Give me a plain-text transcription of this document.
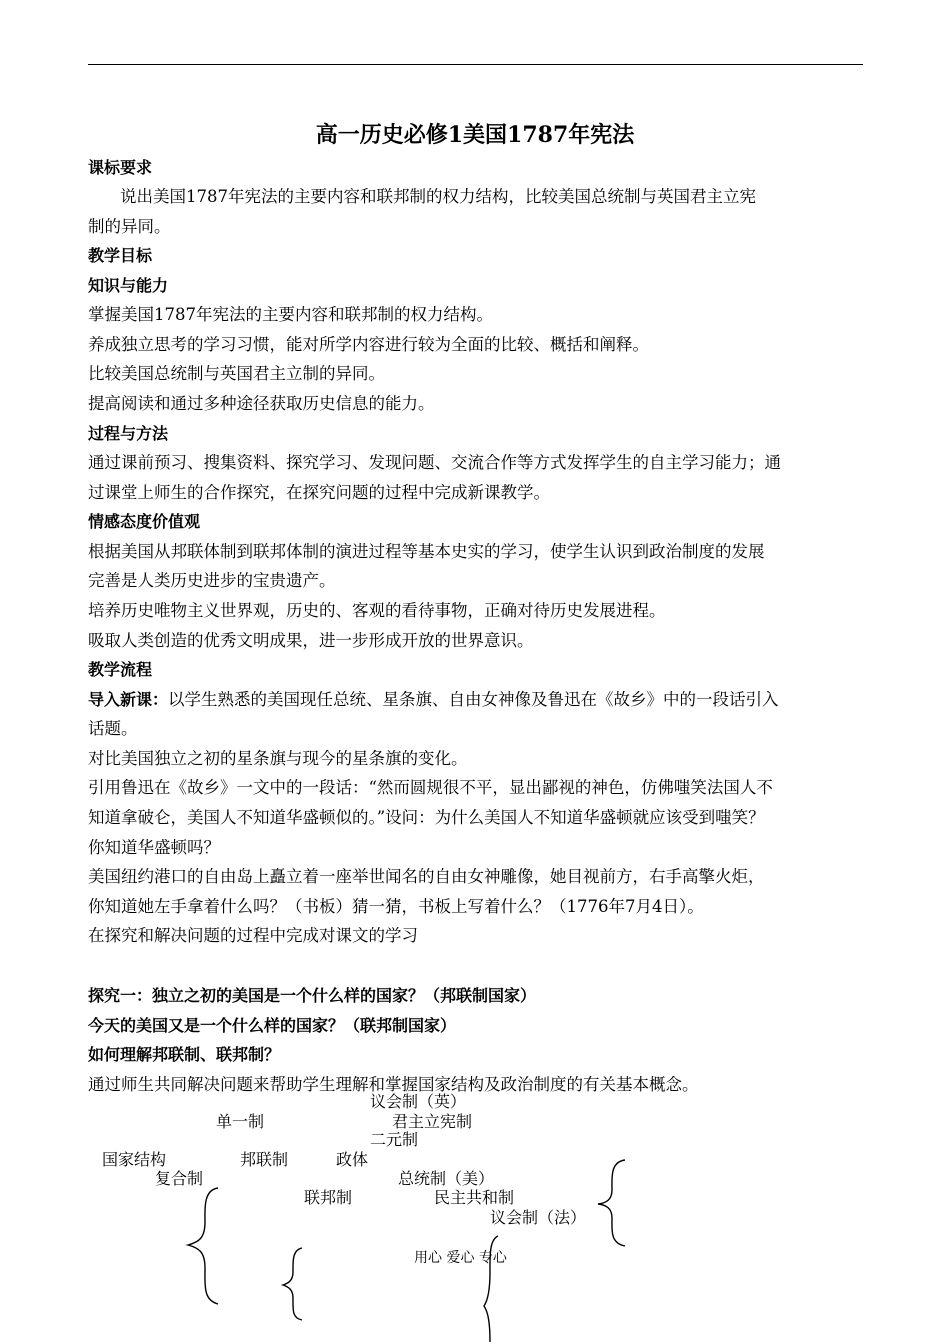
高一历史必修1美国1787年宪法
课标要求
说出美国1787年宪法的主要内容和联邦制的权力结构，比较美国总统制与英国君主立宪
制的异同。
教学目标
知识与能力
掌握美国1787年宪法的主要内容和联邦制的权力结构。
养成独立思考的学习习惯，能对所学内容进行较为全面的比较、概括和阐释。
比较美国总统制与英国君主立制的异同。
提高阅读和通过多种途径获取历史信息的能力。
过程与方法
通过课前预习、搜集资料、探究学习、发现问题、交流合作等方式发挥学生的自主学习能力；通
过课堂上师生的合作探究，在探究问题的过程中完成新课教学。
情感态度价值观
根据美国从邦联体制到联邦体制的演进过程等基本史实的学习，使学生认识到政治制度的发展
完善是人类历史进步的宝贵遗产。
培养历史唯物主义世界观，历史的、客观的看待事物，正确对待历史发展进程。
吸取人类创造的优秀文明成果，进一步形成开放的世界意识。
教学流程
导入新课：以学生熟悉的美国现任总统、星条旗、自由女神像及鲁迅在《故乡》中的一段话引入
话题。
对比美国独立之初的星条旗与现今的星条旗的变化。
引用鲁迅在《故乡》一文中的一段话：“然而圆规很不平，显出鄙视的神色，仿佛嗤笑法国人不
知道拿破仑，美国人不知道华盛顿似的。”设问：为什么美国人不知道华盛顿就应该受到嗤笑？
你知道华盛顿吗？
美国纽约港口的自由岛上矗立着一座举世闻名的自由女神雕像，她目视前方，右手高擎火炬，
你知道她左手拿着什么吗？（书板）猜一猜，书板上写着什么？（1776年7月4日）。
在探究和解决问题的过程中完成对课文的学习
探究一：独立之初的美国是一个什么样的国家？（邦联制国家）
今天的美国又是一个什么样的国家？（联邦制国家）
如何理解邦联制、联邦制？
通过师生共同解决问题来帮助学生理解和掌握国家结构及政治制度的有关基本概念。
议会制（英）
单一制	君主立宪制
二元制
国家结构	邦联制	政体
复合制	总统制（美）
联邦制	民主共和制
议会制（法）
用心 爱心 专心
